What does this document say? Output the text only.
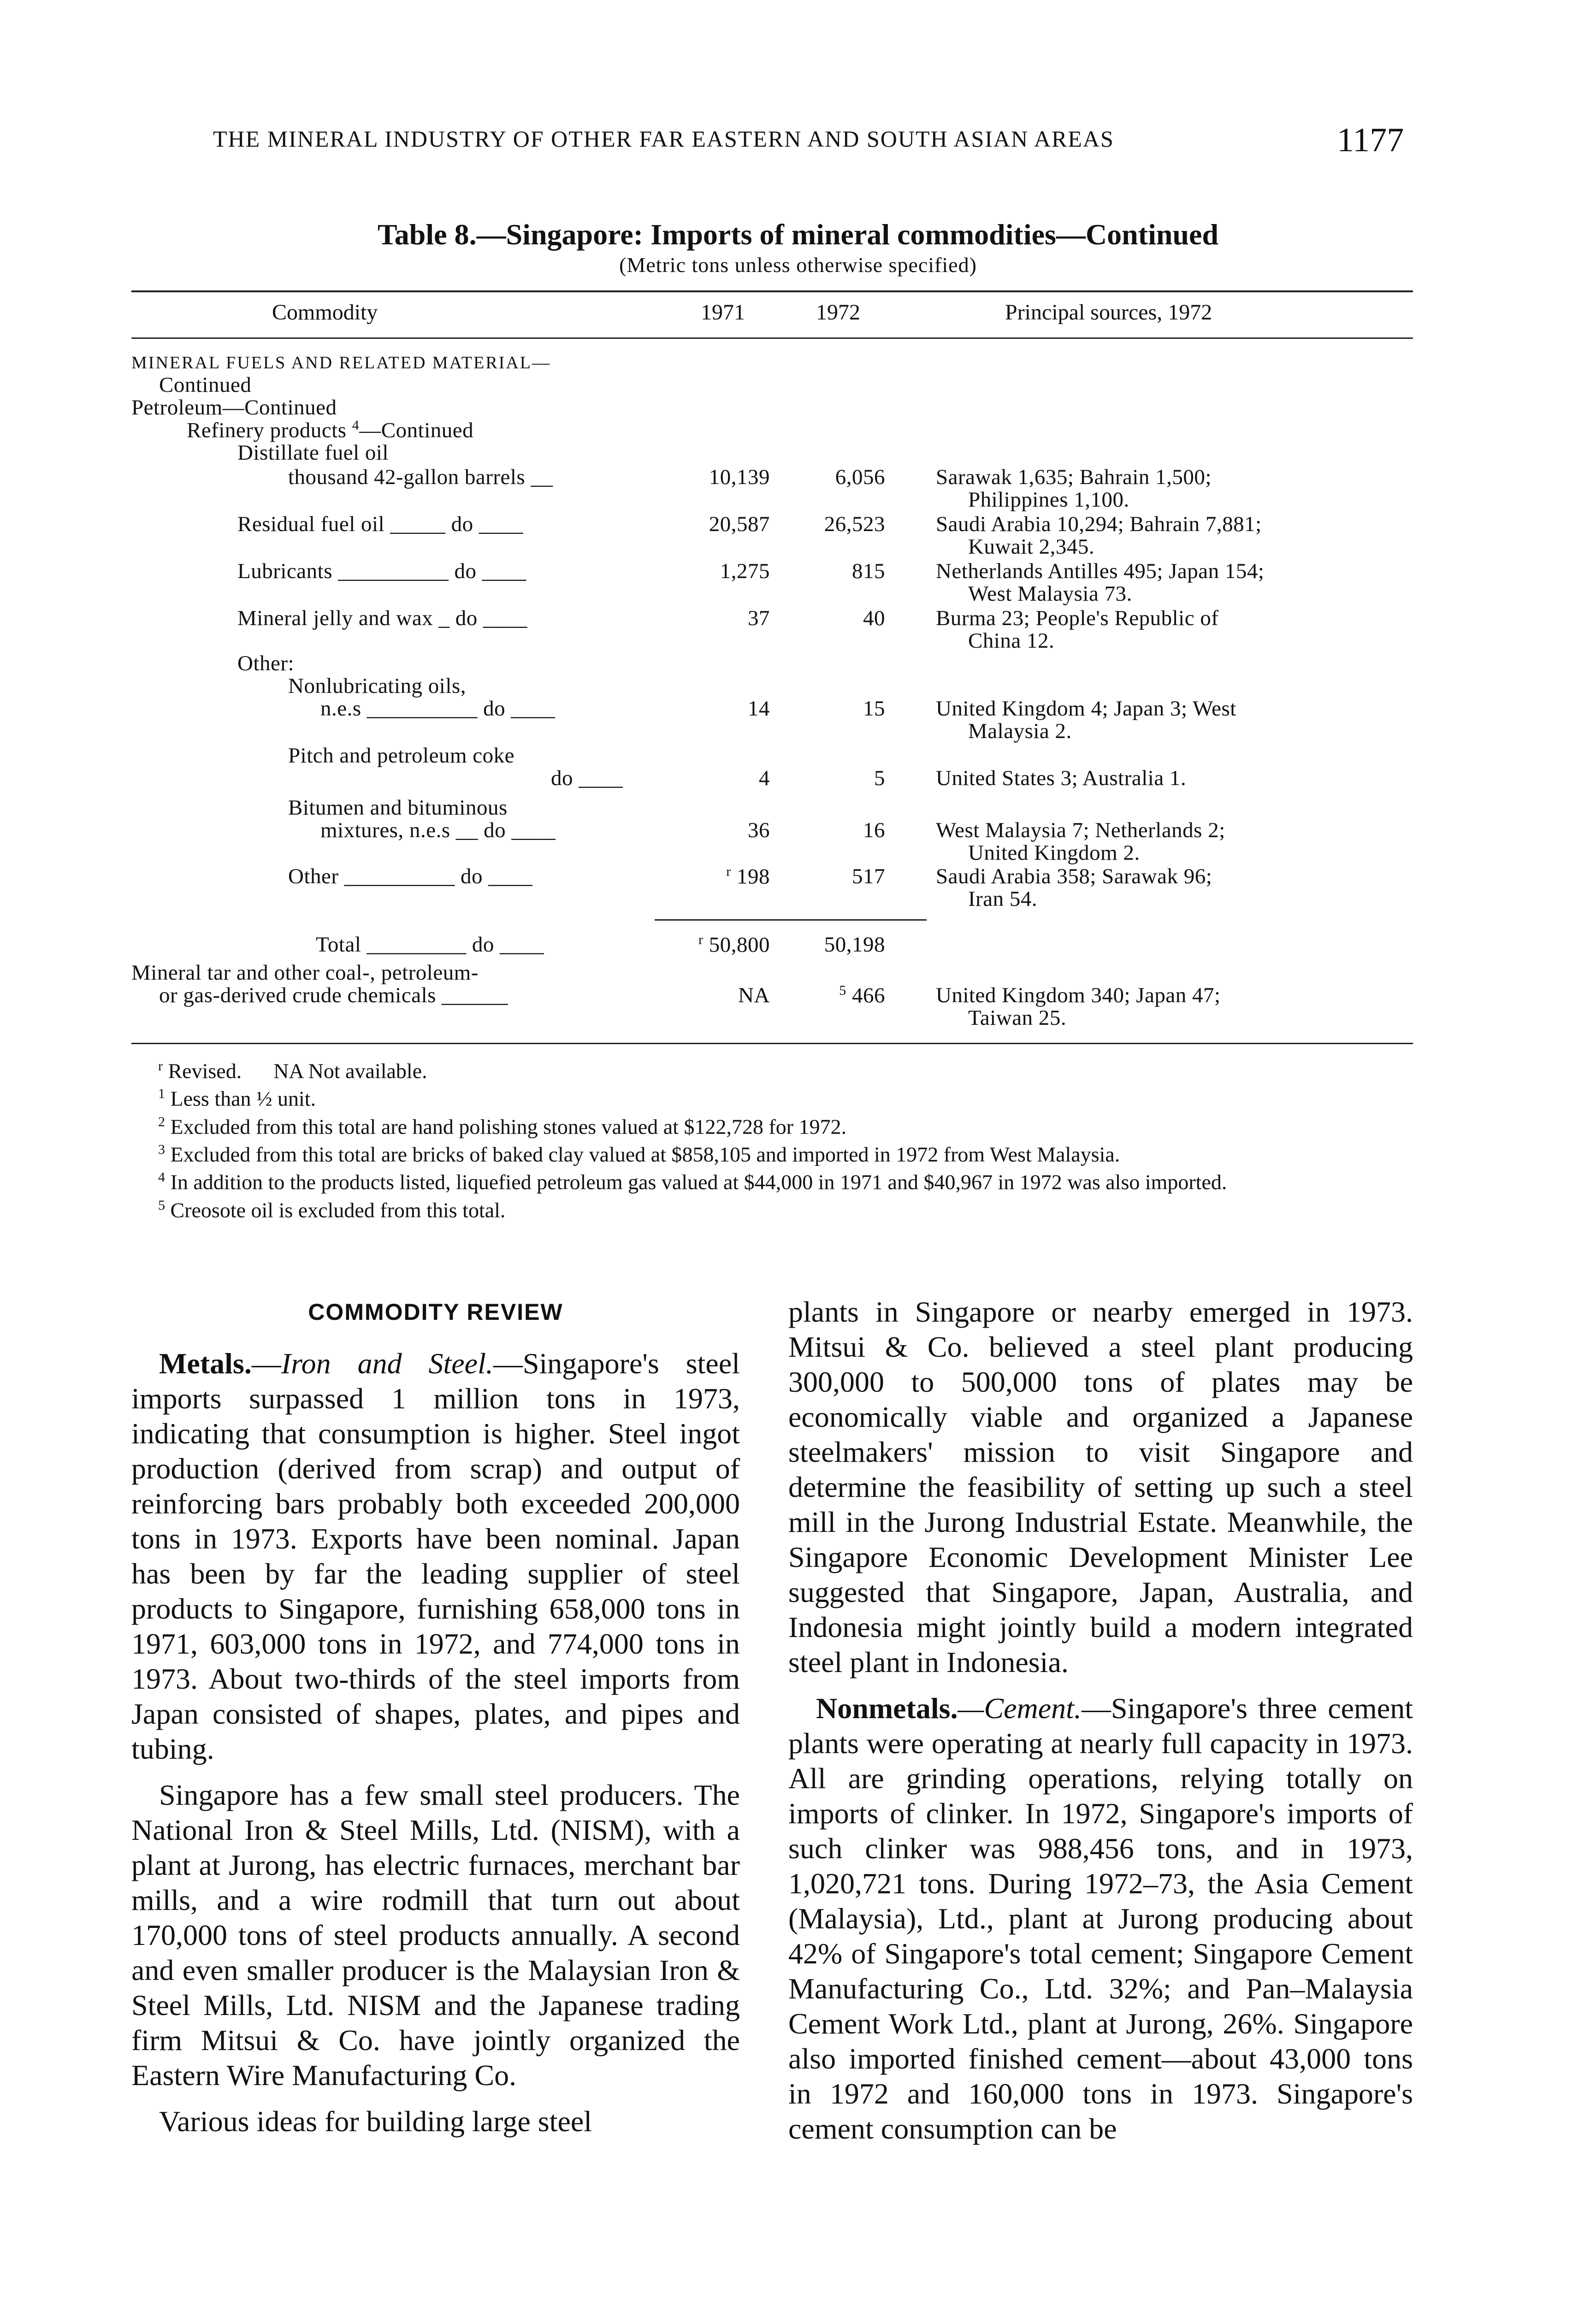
THE MINERAL INDUSTRY OF OTHER FAR EASTERN AND SOUTH ASIAN AREAS	1177
Table 8.—Singapore: Imports of mineral commodities—Continued
(Metric tons unless otherwise specified)
Commodity	1971	1972	Principal sources, 1972
MINERAL FUELS AND RELATED MATERIAL—
Continued
Petroleum—Continued
Refinery products $^4$—Continued
Distillate fuel oil
thousand 42-gallon barrels __	10,139	6,056 Sarawak 1,635; Bahrain 1,500;
Philippines 1,100.
Residual fuel oil _____ do ____	20,587	26,523 Saudi Arabia 10,294; Bahrain 7,881;
Kuwait 2,345.
Lubricants __________ do ____	1,275	815 Netherlands Antilles 495; Japan 154;
West Malaysia 73.
Mineral jelly and wax _ do ____	37	40 Burma 23; People's Republic of
China 12.
Other:
Nonlubricating oils,
n.e.s __________ do ____	14	15 United Kingdom 4; Japan 3; West
Malaysia 2.
Pitch and petroleum coke
do ____	4	5 United States 3; Australia 1.
Bitumen and bituminous
mixtures, n.e.s __ do ____	36	16 West Malaysia 7; Netherlands 2;
United Kingdom 2.
Other __________ do ____	$^r$ 198	517 Saudi Arabia 358; Sarawak 96;
Iran 54.
Total _________ do ____	$^r$ 50,800	50,198
Mineral tar and other coal-, petroleum-
or gas-derived crude chemicals ______	NA	$^5$ 466 United Kingdom 340; Japan 47;
Taiwan 25.

$^r$ Revised. NA Not available.

$^1$ Less than ½ unit.

$^2$ Excluded from this total are hand polishing stones valued at $122,728 for 1972.

$^3$ Excluded from this total are bricks of baked clay valued at $858,105 and imported in 1972 from West Malaysia.

$^4$ In addition to the products listed, liquefied petroleum gas valued at $44,000 in 1971 and $40,967 in 1972 was also imported.

$^5$ Creosote oil is excluded from this total.

COMMODITY REVIEW

Metals.—Iron and Steel.—Singapore's steel imports surpassed 1 million tons in 1973, indicating that consumption is higher. Steel ingot production (derived from scrap) and output of reinforcing bars probably both exceeded 200,000 tons in 1973. Exports have been nominal. Japan has been by far the leading supplier of steel products to Singapore, furnishing 658,000 tons in 1971, 603,000 tons in 1972, and 774,000 tons in 1973. About two-thirds of the steel imports from Japan consisted of shapes, plates, and pipes and tubing.

Singapore has a few small steel producers. The National Iron & Steel Mills, Ltd. (NISM), with a plant at Jurong, has electric furnaces, merchant bar mills, and a wire rodmill that turn out about 170,000 tons of steel products annually. A second and even smaller producer is the Malaysian Iron & Steel Mills, Ltd. NISM and the Japanese trading firm Mitsui & Co. have jointly organized the Eastern Wire Manufacturing Co.

Various ideas for building large steel

plants in Singapore or nearby emerged in 1973. Mitsui & Co. believed a steel plant producing 300,000 to 500,000 tons of plates may be economically viable and organized a Japanese steelmakers' mission to visit Singapore and determine the feasibility of setting up such a steel mill in the Jurong Industrial Estate. Meanwhile, the Singapore Economic Development Minister Lee suggested that Singapore, Japan, Australia, and Indonesia might jointly build a modern integrated steel plant in Indonesia.

Nonmetals.—Cement.—Singapore's three cement plants were operating at nearly full capacity in 1973. All are grinding operations, relying totally on imports of clinker. In 1972, Singapore's imports of such clinker was 988,456 tons, and in 1973, 1,020,721 tons. During 1972–73, the Asia Cement (Malaysia), Ltd., plant at Jurong producing about 42% of Singapore's total cement; Singapore Cement Manufacturing Co., Ltd. 32%; and Pan–Malaysia Cement Work Ltd., plant at Jurong, 26%. Singapore also imported finished cement—about 43,000 tons in 1972 and 160,000 tons in 1973. Singapore's cement consumption can be
